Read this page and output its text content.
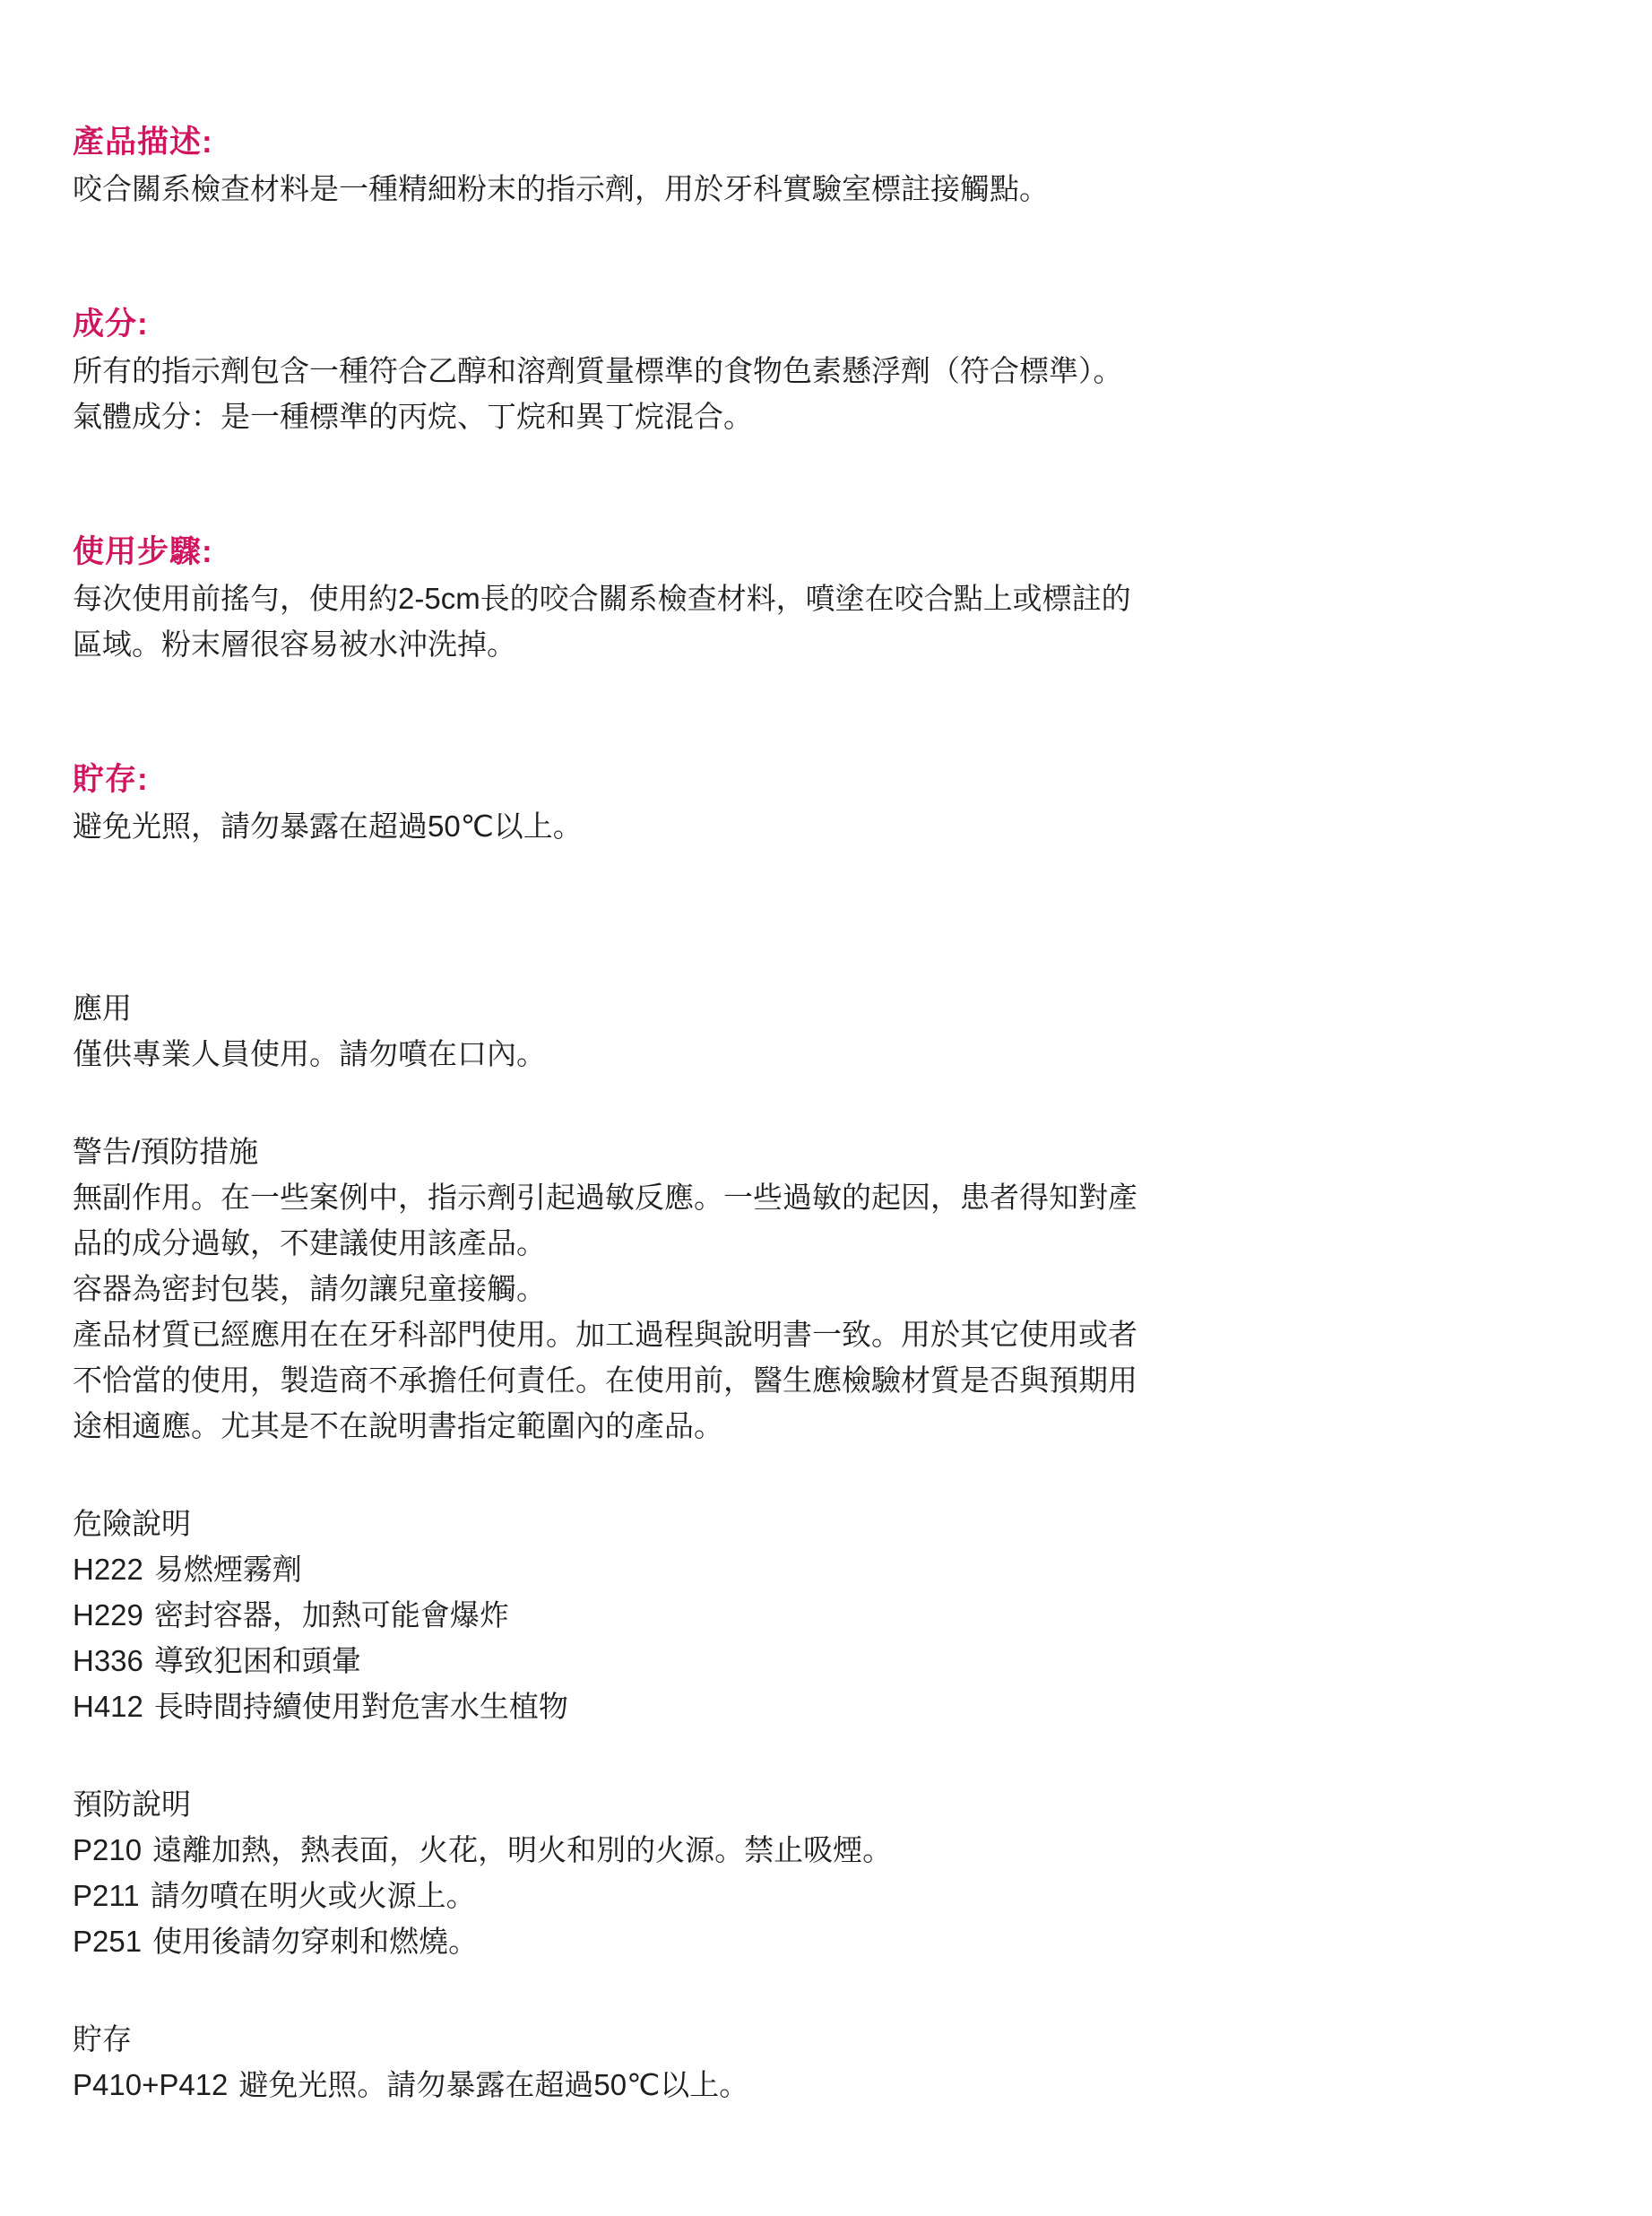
產品描述:
咬合關系檢查材料是一種精細粉末的指示劑，用於牙科實驗室標註接觸點。
成分:
所有的指示劑包含一種符合乙醇和溶劑質量標準的食物色素懸浮劑（符合標準）。
氣體成分：是一種標準的丙烷、丁烷和異丁烷混合。
使用步驟:
每次使用前搖勻，使用約2-5cm長的咬合關系檢查材料，噴塗在咬合點上或標註的
區域。粉末層很容易被水沖洗掉。
貯存:
避免光照，請勿暴露在超過50℃以上。
應用
僅供專業人員使用。請勿噴在口內。
警告/預防措施
無副作用。在一些案例中，指示劑引起過敏反應。一些過敏的起因，患者得知對產
品的成分過敏，不建議使用該產品。
容器為密封包裝，請勿讓兒童接觸。
產品材質已經應用在在牙科部門使用。加工過程與說明書一致。用於其它使用或者
不恰當的使用，製造商不承擔任何責任。在使用前，醫生應檢驗材質是否與預期用
途相適應。尤其是不在說明書指定範圍內的產品。
危險說明
H222 易燃煙霧劑
H229 密封容器，加熱可能會爆炸
H336 導致犯困和頭暈
H412 長時間持續使用對危害水生植物
預防說明
P210 遠離加熱，熱表面，火花，明火和別的火源。禁止吸煙。
P211 請勿噴在明火或火源上。
P251 使用後請勿穿刺和燃燒。
貯存
P410+P412 避免光照。請勿暴露在超過50℃以上。
